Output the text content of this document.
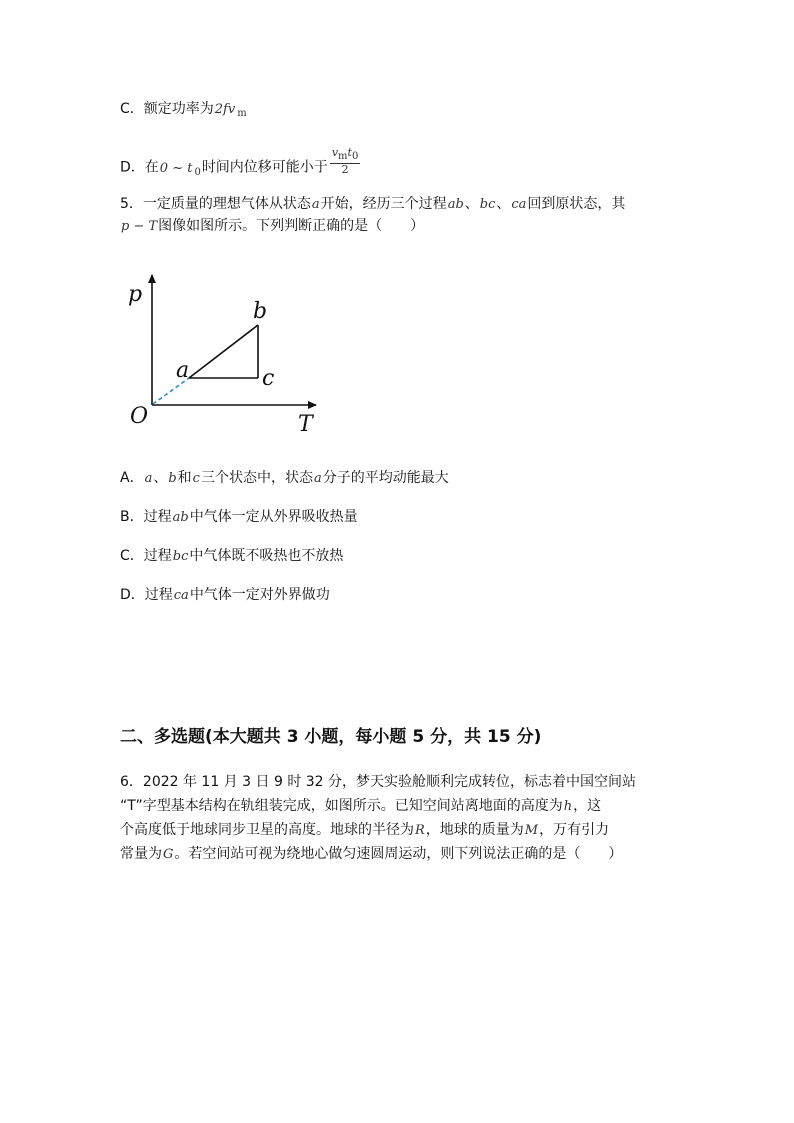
C．额定功率为2fv $_m$
D．在0 ~ t $_0$时间内位移可能小于 $\frac{\text{vmt0}}{2}$
5．一定质量的理想气体从状态a开始，经历三个过程ab、bc、ca回到原状态，其
p − T图像如图所示。下列判断正确的是（　　）
p
T
O
a
b
c
A．a、b和c三个状态中，状态a分子的平均动能最大
B．过程ab中气体一定从外界吸收热量
C．过程bc中气体既不吸热也不放热
D．过程ca中气体一定对外界做功
二、多选题(本大题共 3 小题，每小题 5 分，共 15 分)
6．2022 年 11 月 3 日 9 时 32 分，梦天实验舱顺利完成转位，标志着中国空间站
“T”字型基本结构在轨组装完成，如图所示。已知空间站离地面的高度为h，这
个高度低于地球同步卫星的高度。地球的半径为R，地球的质量为M，万有引力
常量为G。若空间站可视为绕地心做匀速圆周运动，则下列说法正确的是（　　）
